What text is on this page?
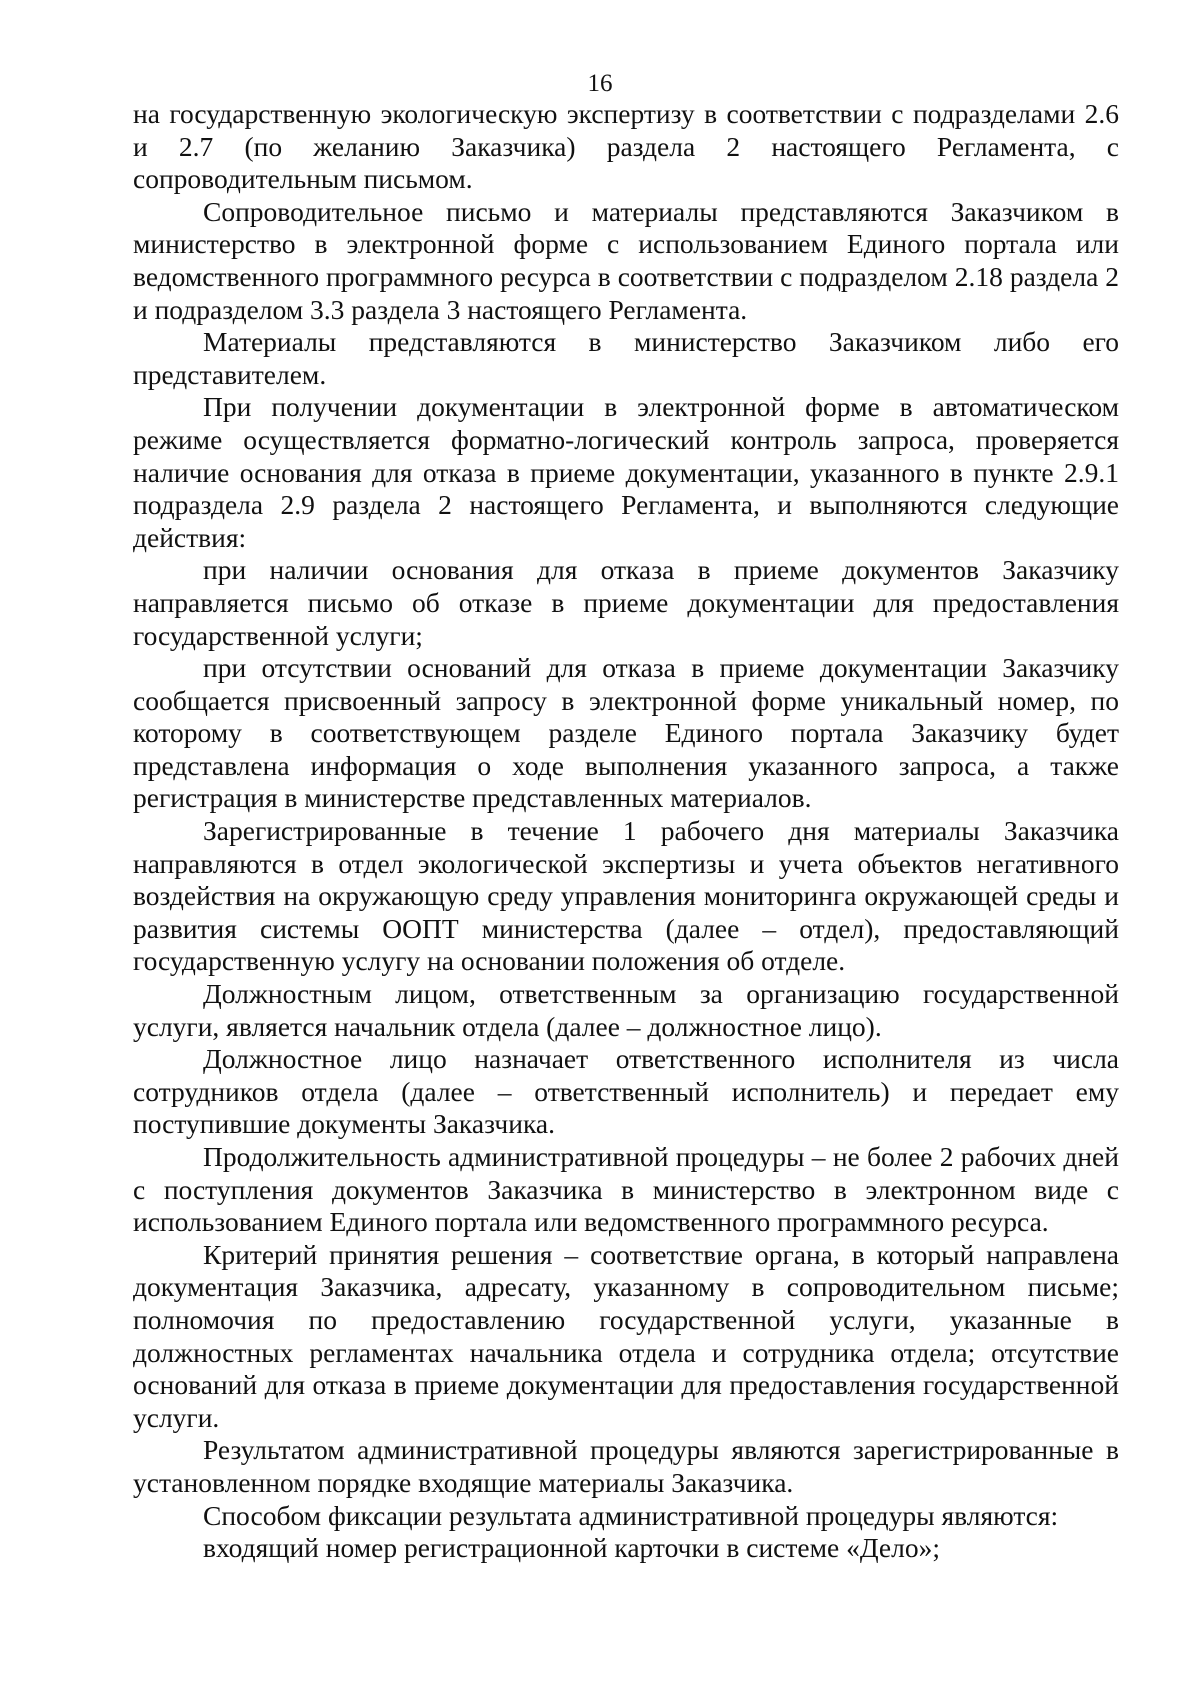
16

на государственную экологическую экспертизу в соответствии с подразделами 2.6 и 2.7 (по желанию Заказчика) раздела 2 настоящего Регламента, с сопроводительным письмом.

Сопроводительное письмо и материалы представляются Заказчиком в министерство в электронной форме с использованием Единого портала или ведомственного программного ресурса в соответствии с подразделом 2.18 раздела 2 и подразделом 3.3 раздела 3 настоящего Регламента.

Материалы представляются в министерство Заказчиком либо его представителем.

При получении документации в электронной форме в автоматическом режиме осуществляется форматно-логический контроль запроса, проверяется наличие основания для отказа в приеме документации, указанного в пункте 2.9.1 подраздела 2.9 раздела 2 настоящего Регламента, и выполняются следующие действия:

при наличии основания для отказа в приеме документов Заказчику направляется письмо об отказе в приеме документации для предоставления государственной услуги;

при отсутствии оснований для отказа в приеме документации Заказчику сообщается присвоенный запросу в электронной форме уникальный номер, по которому в соответствующем разделе Единого портала Заказчику будет представлена информация о ходе выполнения указанного запроса, а также регистрация в министерстве представленных материалов.

Зарегистрированные в течение 1 рабочего дня материалы Заказчика направляются в отдел экологической экспертизы и учета объектов негативного воздействия на окружающую среду управления мониторинга окружающей среды и развития системы ООПТ министерства (далее – отдел), предоставляющий государственную услугу на основании положения об отделе.

Должностным лицом, ответственным за организацию государственной услуги, является начальник отдела (далее – должностное лицо).

Должностное лицо назначает ответственного исполнителя из числа сотрудников отдела (далее – ответственный исполнитель) и передает ему поступившие документы Заказчика.

Продолжительность административной процедуры – не более 2 рабочих дней с поступления документов Заказчика в министерство в электронном виде с использованием Единого портала или ведомственного программного ресурса.

Критерий принятия решения – соответствие органа, в который направлена документация Заказчика, адресату, указанному в сопроводительном письме; полномочия по предоставлению государственной услуги, указанные в должностных регламентах начальника отдела и сотрудника отдела; отсутствие оснований для отказа в приеме документации для предоставления государственной услуги.

Результатом административной процедуры являются зарегистрированные в установленном порядке входящие материалы Заказчика.

Способом фиксации результата административной процедуры являются:

входящий номер регистрационной карточки в системе «Дело»;
